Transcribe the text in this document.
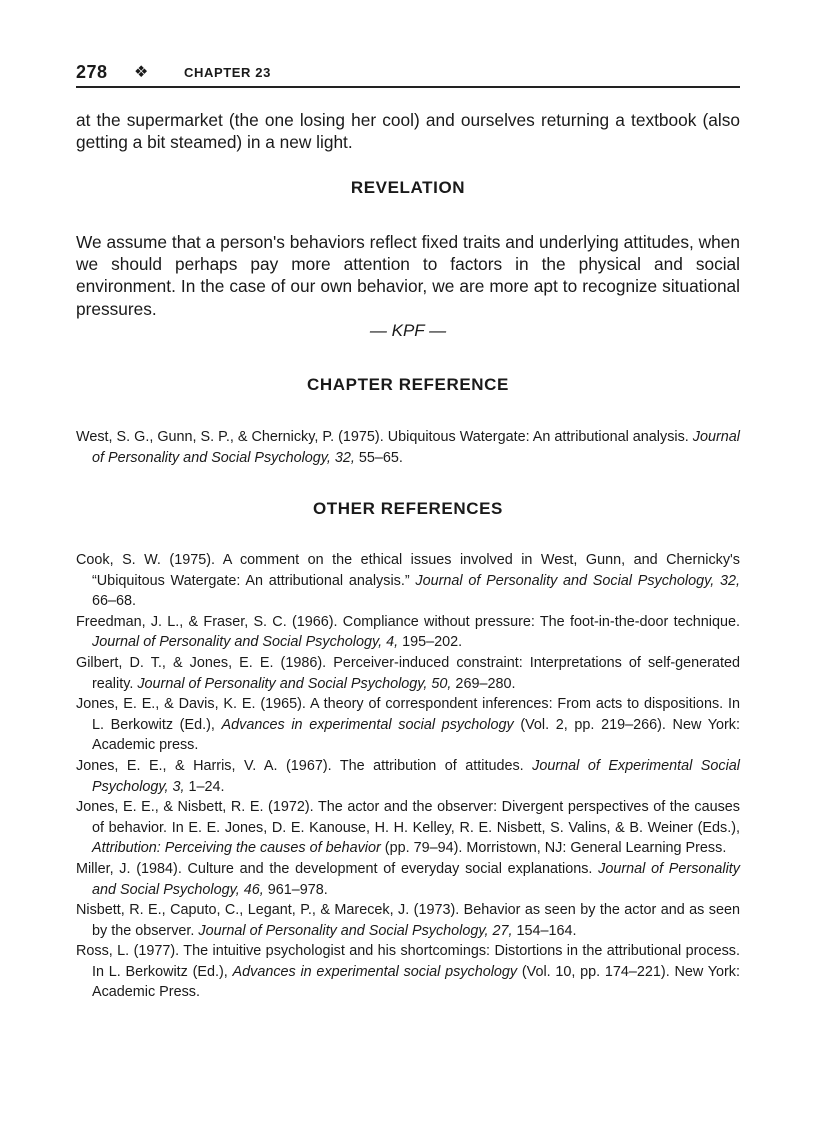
278 ❖	CHAPTER 23

at the supermarket (the one losing her cool) and ourselves returning a textbook (also getting a bit steamed) in a new light.

REVELATION

We assume that a person's behaviors reflect fixed traits and underlying attitudes, when we should perhaps pay more attention to factors in the physical and social environment. In the case of our own behavior, we are more apt to recognize situational pressures.

— KPF —
CHAPTER REFERENCE
West, S. G., Gunn, S. P., & Chernicky, P. (1975). Ubiquitous Watergate: An attributional analysis. Journal of Personality and Social Psychology, 32, 55–65.
OTHER REFERENCES
Cook, S. W. (1975). A comment on the ethical issues involved in West, Gunn, and Chernicky's “Ubiquitous Watergate: An attributional analysis.” Journal of Personality and Social Psychology, 32, 66–68.
Freedman, J. L., & Fraser, S. C. (1966). Compliance without pressure: The foot-in-the-door technique. Journal of Personality and Social Psychology, 4, 195–202.
Gilbert, D. T., & Jones, E. E. (1986). Perceiver-induced constraint: Interpretations of self-generated reality. Journal of Personality and Social Psychology, 50, 269–280.
Jones, E. E., & Davis, K. E. (1965). A theory of correspondent inferences: From acts to dispositions. In L. Berkowitz (Ed.), Advances in experimental social psychology (Vol. 2, pp. 219–266). New York: Academic press.
Jones, E. E., & Harris, V. A. (1967). The attribution of attitudes. Journal of Experimental Social Psychology, 3, 1–24.
Jones, E. E., & Nisbett, R. E. (1972). The actor and the observer: Divergent perspectives of the causes of behavior. In E. E. Jones, D. E. Kanouse, H. H. Kelley, R. E. Nisbett, S. Valins, & B. Weiner (Eds.), Attribution: Perceiving the causes of behavior (pp. 79–94). Morristown, NJ: General Learning Press.
Miller, J. (1984). Culture and the development of everyday social explanations. Journal of Personality and Social Psychology, 46, 961–978.
Nisbett, R. E., Caputo, C., Legant, P., & Marecek, J. (1973). Behavior as seen by the actor and as seen by the observer. Journal of Personality and Social Psychology, 27, 154–164.
Ross, L. (1977). The intuitive psychologist and his shortcomings: Distortions in the attributional process. In L. Berkowitz (Ed.), Advances in experimental social psychology (Vol. 10, pp. 174–221). New York: Academic Press.
